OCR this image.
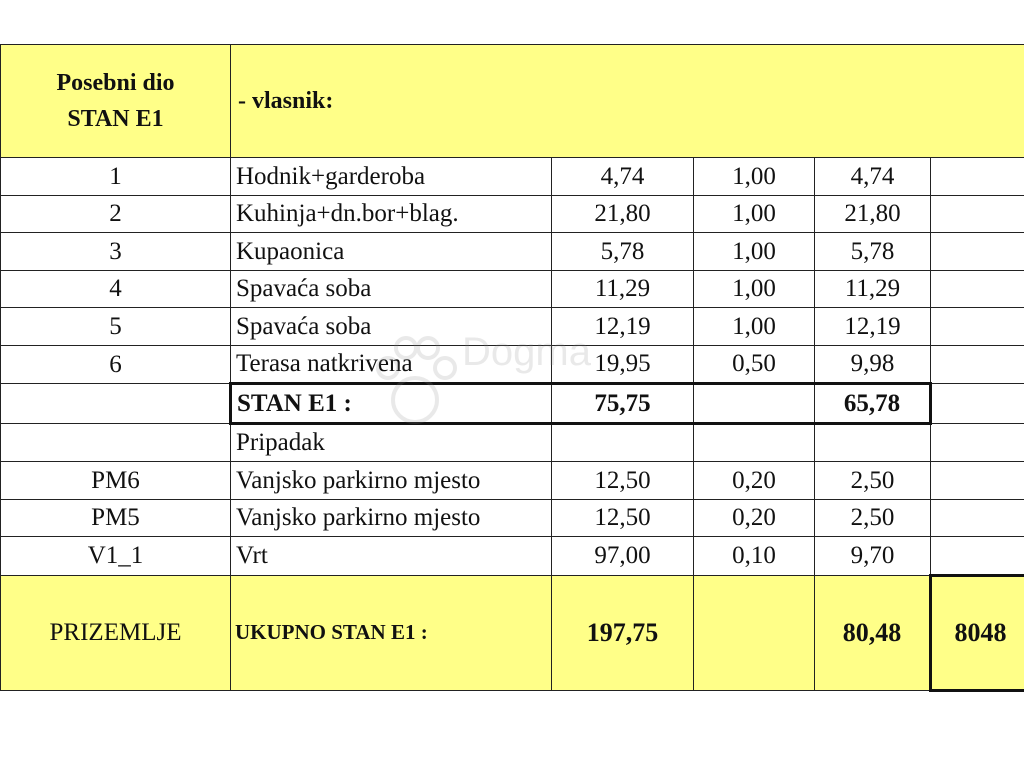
Posebni dio
STAN E1	- vlasnik:				
1	Hodnik+garderoba	4,74	1,00	4,74	
2	Kuhinja+dn.bor+blag.	21,80	1,00	21,80	
3	Kupaonica	5,78	1,00	5,78	
4	Spavaća soba	11,29	1,00	11,29	
5	Spavaća soba	12,19	1,00	12,19	
6	Terasa natkrivena	19,95	0,50	9,98	
	STAN E1 :	75,75		65,78	
	Pripadak				
PM6	Vanjsko parkirno mjesto	12,50	0,20	2,50	
PM5	Vanjsko parkirno mjesto	12,50	0,20	2,50	
V1_1	Vrt	97,00	0,10	9,70	
PRIZEMLJE	UKUPNO STAN E1 :	197,75		80,48	8048
Dogma
